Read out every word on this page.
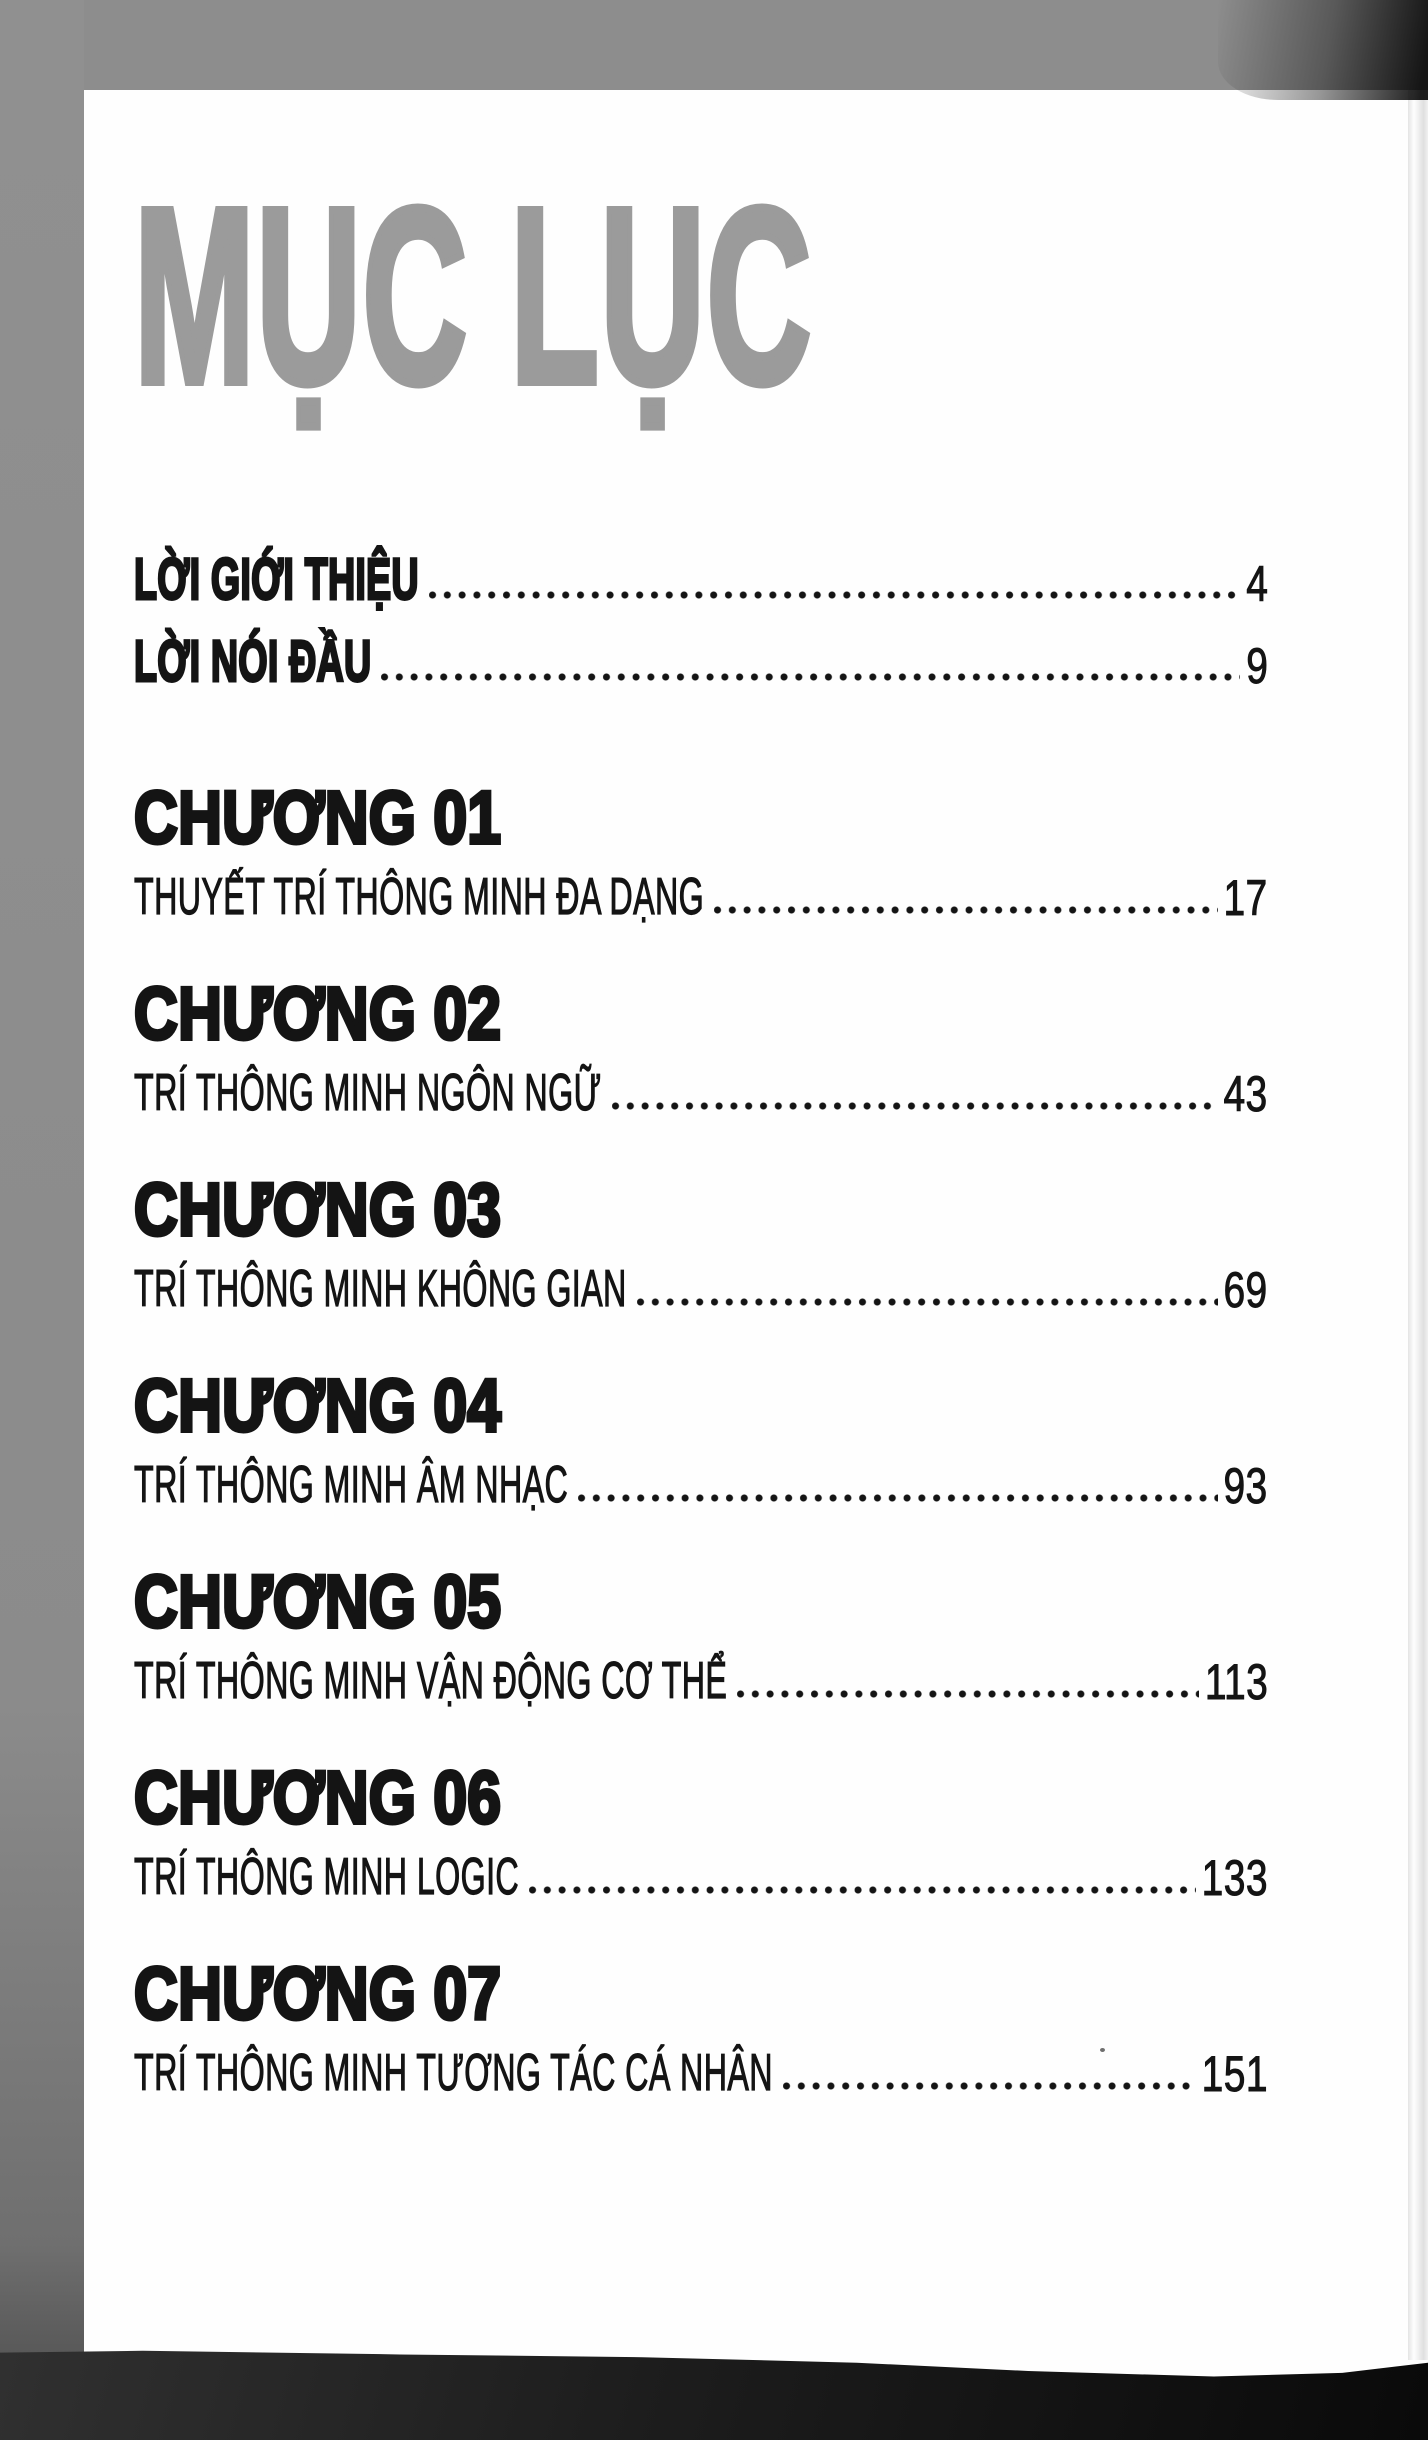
MỤC LỤC
LỜI GIỚI THIỆU	4
LỜI NÓI ĐẦU	9
CHƯƠNG 01
THUYẾT TRÍ THÔNG MINH ĐA DẠNG	17
CHƯƠNG 02
TRÍ THÔNG MINH NGÔN NGỮ	43
CHƯƠNG 03
TRÍ THÔNG MINH KHÔNG GIAN	69
CHƯƠNG 04
TRÍ THÔNG MINH ÂM NHẠC	93
CHƯƠNG 05
TRÍ THÔNG MINH VẬN ĐỘNG CƠ THỂ	113
CHƯƠNG 06
TRÍ THÔNG MINH LOGIC	133
CHƯƠNG 07
TRÍ THÔNG MINH TƯƠNG TÁC CÁ NHÂN	151
